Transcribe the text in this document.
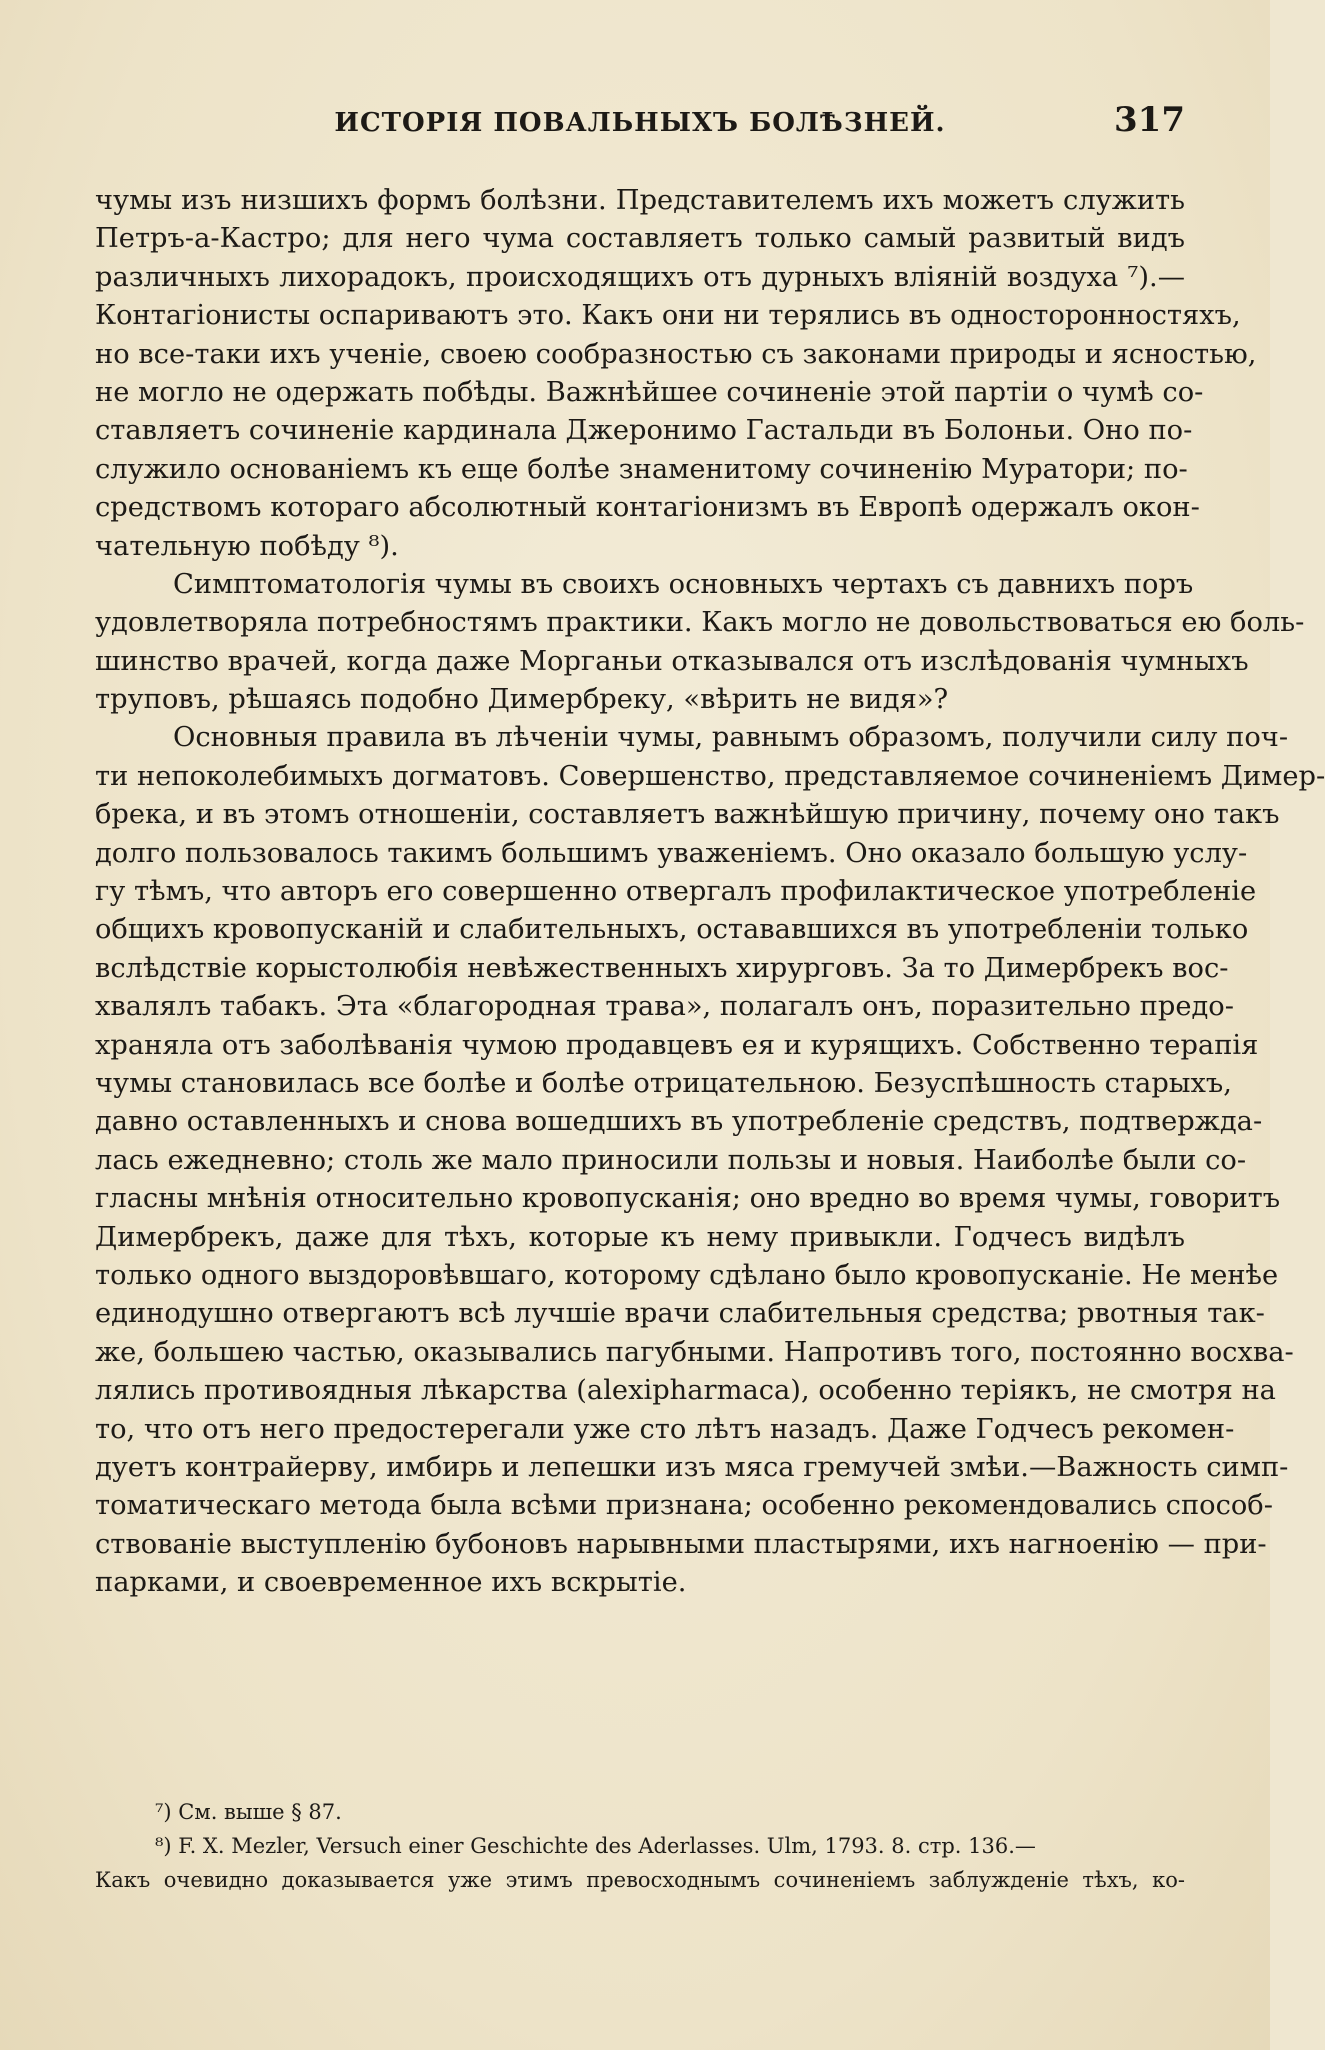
ИСТОРІЯ ПОВАЛЬНЫХЪ БОЛѢЗНЕЙ.	317
чумы изъ низшихъ формъ болѣзни. Представителемъ ихъ можетъ служить
Петръ-а-Кастро; для него чума составляетъ только самый развитый видъ
различныхъ лихорадокъ, происходящихъ отъ дурныхъ вліяній воздуха ⁷).—
Контагіонисты оспариваютъ это. Какъ они ни терялись въ односторонностяхъ,
но все-таки ихъ ученіе, своею сообразностью съ законами природы и ясностью,
не могло не одержать побѣды. Важнѣйшее сочиненіе этой партіи о чумѣ со-
ставляетъ сочиненіе кардинала Джеронимо Гастальди въ Болоньи. Оно по-
служило основаніемъ къ еще болѣе знаменитому сочиненію Муратори; по-
средствомъ котораго абсолютный контагіонизмъ въ Европѣ одержалъ окон-
чательную побѣду ⁸).
Симптоматологія чумы въ своихъ основныхъ чертахъ съ давнихъ поръ
удовлетворяла потребностямъ практики. Какъ могло не довольствоваться ею боль-
шинство врачей, когда даже Морганьи отказывался отъ изслѣдованія чумныхъ
труповъ, рѣшаясь подобно Димербреку, «вѣрить не видя»?
Основныя правила въ лѣченіи чумы, равнымъ образомъ, получили силу поч-
ти непоколебимыхъ догматовъ. Совершенство, представляемое сочиненіемъ Димер-
брека, и въ этомъ отношеніи, составляетъ важнѣйшую причину, почему оно такъ
долго пользовалось такимъ большимъ уваженіемъ. Оно оказало большую услу-
гу тѣмъ, что авторъ его совершенно отвергалъ профилактическое употребленіе
общихъ кровопусканій и слабительныхъ, остававшихся въ употребленіи только
вслѣдствіе корыстолюбія невѣжественныхъ хирурговъ. За то Димербрекъ вос-
хвалялъ табакъ. Эта «благородная трава», полагалъ онъ, поразительно предо-
храняла отъ заболѣванія чумою продавцевъ ея и курящихъ. Собственно терапія
чумы становилась все болѣе и болѣе отрицательною. Безуспѣшность старыхъ,
давно оставленныхъ и снова вошедшихъ въ употребленіе средствъ, подтвержда-
лась ежедневно; столь же мало приносили пользы и новыя. Наиболѣе были со-
гласны мнѣнія относительно кровопусканія; оно вредно во время чумы, говоритъ
Димербрекъ, даже для тѣхъ, которые къ нему привыкли. Годчесъ видѣлъ
только одного выздоровѣвшаго, которому сдѣлано было кровопусканіе. Не менѣе
единодушно отвергаютъ всѣ лучшіе врачи слабительныя средства; рвотныя так-
же, большею частью, оказывались пагубными. Напротивъ того, постоянно восхва-
лялись противоядныя лѣкарства (alexipharmaca), особенно теріякъ, не смотря на
то, что отъ него предостерегали уже сто лѣтъ назадъ. Даже Годчесъ рекомен-
дуетъ контрайерву, имбирь и лепешки изъ мяса гремучей змѣи.—Важность симп-
томатическаго метода была всѣми признана; особенно рекомендовались способ-
ствованіе выступленію бубоновъ нарывными пластырями, ихъ нагноенію — при-
парками, и своевременное ихъ вскрытіе.
⁷) См. выше § 87.
⁸) F. X. Mezler, Versuch einer Geschichte des Aderlasses. Ulm, 1793. 8. стр. 136.—
Какъ очевидно доказывается уже этимъ превосходнымъ сочиненіемъ заблужденіе тѣхъ, ко-
